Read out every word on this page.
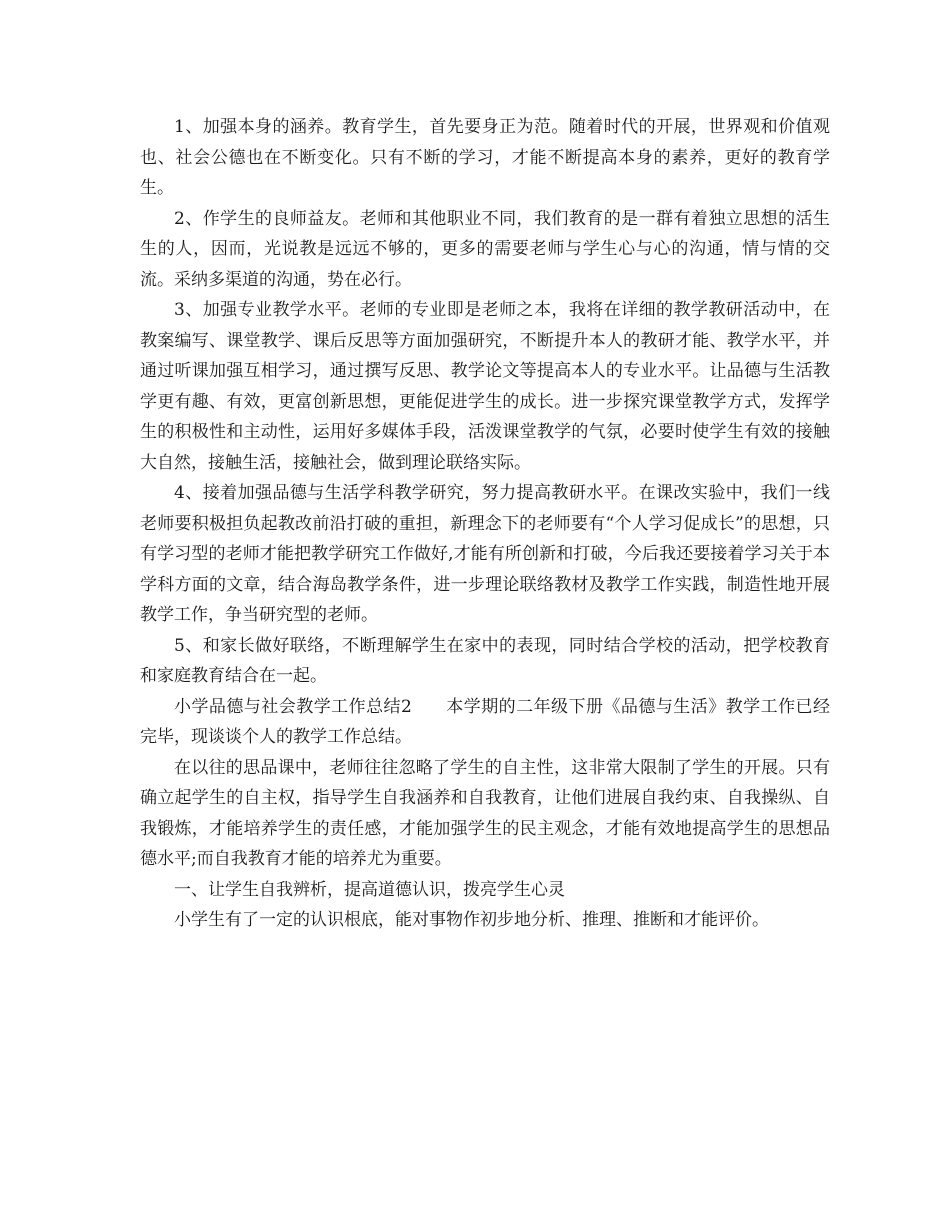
1、加强本身的涵养。教育学生，首先要身正为范。随着时代的开展，世界观和价值观也、社会公德也在不断变化。只有不断的学习，才能不断提高本身的素养，更好的教育学生。

2、作学生的良师益友。老师和其他职业不同，我们教育的是一群有着独立思想的活生生的人，因而，光说教是远远不够的，更多的需要老师与学生心与心的沟通，情与情的交流。采纳多渠道的沟通，势在必行。

3、加强专业教学水平。老师的专业即是老师之本，我将在详细的教学教研活动中，在教案编写、课堂教学、课后反思等方面加强研究，不断提升本人的教研才能、教学水平，并通过听课加强互相学习，通过撰写反思、教学论文等提高本人的专业水平。让品德与生活教学更有趣、有效，更富创新思想，更能促进学生的成长。进一步探究课堂教学方式，发挥学生的积极性和主动性，运用好多媒体手段，活泼课堂教学的气氛，必要时使学生有效的接触大自然，接触生活，接触社会，做到理论联络实际。

4、接着加强品德与生活学科教学研究，努力提高教研水平。在课改实验中，我们一线老师要积极担负起教改前沿打破的重担，新理念下的老师要有“个人学习促成长”的思想，只有学习型的老师才能把教学研究工作做好,才能有所创新和打破，今后我还要接着学习关于本学科方面的文章，结合海岛教学条件，进一步理论联络教材及教学工作实践，制造性地开展教学工作，争当研究型的老师。

5、和家长做好联络，不断理解学生在家中的表现，同时结合学校的活动，把学校教育和家庭教育结合在一起。

小学品德与社会教学工作总结2 本学期的二年级下册《品德与生活》教学工作已经完毕，现谈谈个人的教学工作总结。

在以往的思品课中，老师往往忽略了学生的自主性，这非常大限制了学生的开展。只有确立起学生的自主权，指导学生自我涵养和自我教育，让他们进展自我约束、自我操纵、自我锻炼，才能培养学生的责任感，才能加强学生的民主观念，才能有效地提高学生的思想品德水平;而自我教育才能的培养尤为重要。

一、让学生自我辨析，提高道德认识，拨亮学生心灵

小学生有了一定的认识根底，能对事物作初步地分析、推理、推断和才能评价。
